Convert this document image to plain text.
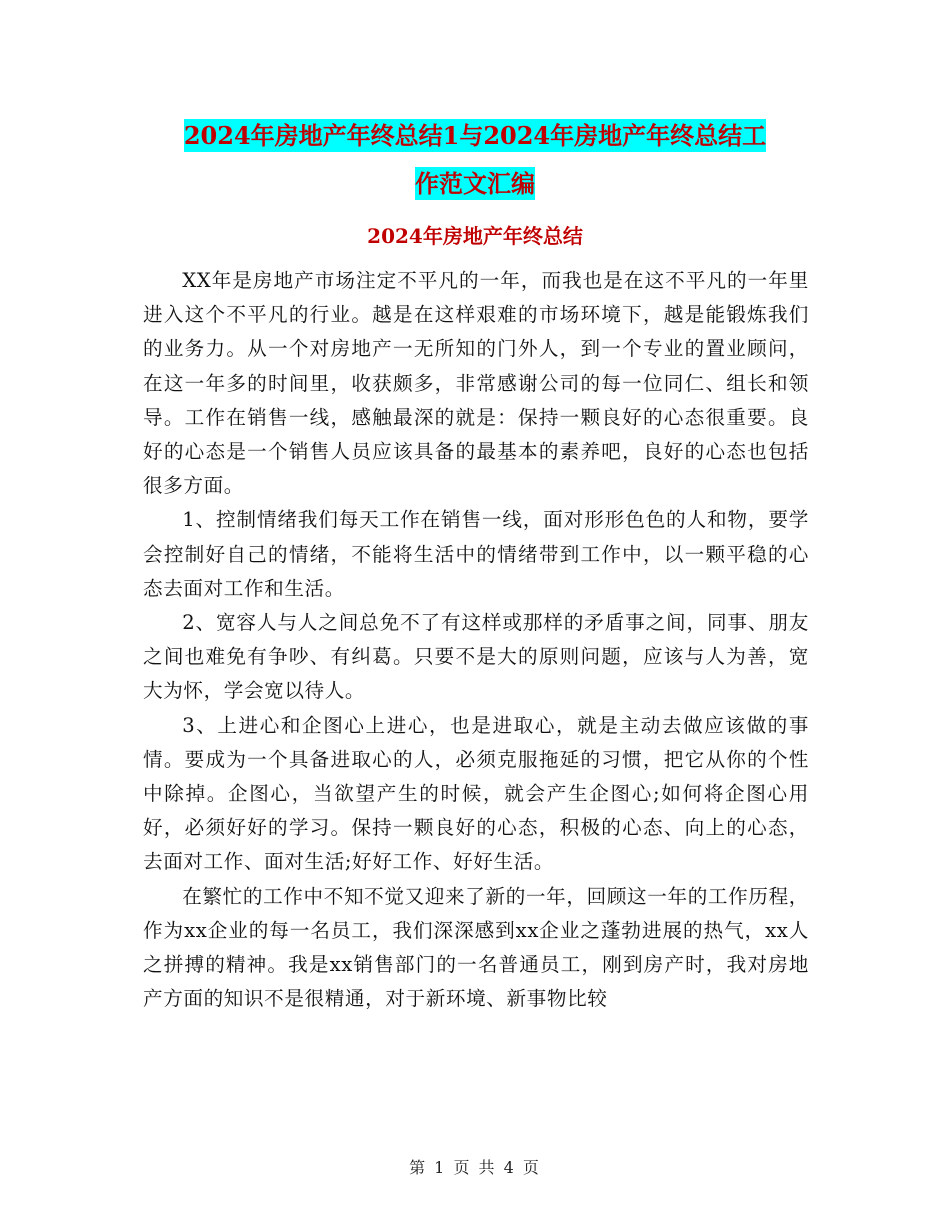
2024年房地产年终总结1与2024年房地产年终总结工
作范文汇编
2024年房地产年终总结

XX年是房地产市场注定不平凡的一年，而我也是在这不平凡的一年里进入这个不平凡的行业。越是在这样艰难的市场环境下，越是能锻炼我们的业务力。从一个对房地产一无所知的门外人，到一个专业的置业顾问，在这一年多的时间里，收获颇多，非常感谢公司的每一位同仁、组长和领导。工作在销售一线，感触最深的就是：保持一颗良好的心态很重要。良好的心态是一个销售人员应该具备的最基本的素养吧，良好的心态也包括很多方面。

1、控制情绪我们每天工作在销售一线，面对形形色色的人和物，要学会控制好自己的情绪，不能将生活中的情绪带到工作中，以一颗平稳的心态去面对工作和生活。

2、宽容人与人之间总免不了有这样或那样的矛盾事之间，同事、朋友之间也难免有争吵、有纠葛。只要不是大的原则问题，应该与人为善，宽大为怀，学会宽以待人。

3、上进心和企图心上进心，也是进取心，就是主动去做应该做的事情。要成为一个具备进取心的人，必须克服拖延的习惯，把它从你的个性中除掉。企图心，当欲望产生的时候，就会产生企图心;如何将企图心用好，必须好好的学习。保持一颗良好的心态，积极的心态、向上的心态，去面对工作、面对生活;好好工作、好好生活。

在繁忙的工作中不知不觉又迎来了新的一年，回顾这一年的工作历程，作为xx企业的每一名员工，我们深深感到xx企业之蓬勃进展的热气，xx人之拼搏的精神。我是xx销售部门的一名普通员工，刚到房产时，我对房地产方面的知识不是很精通，对于新环境、新事物比较

第 1 页 共 4 页
